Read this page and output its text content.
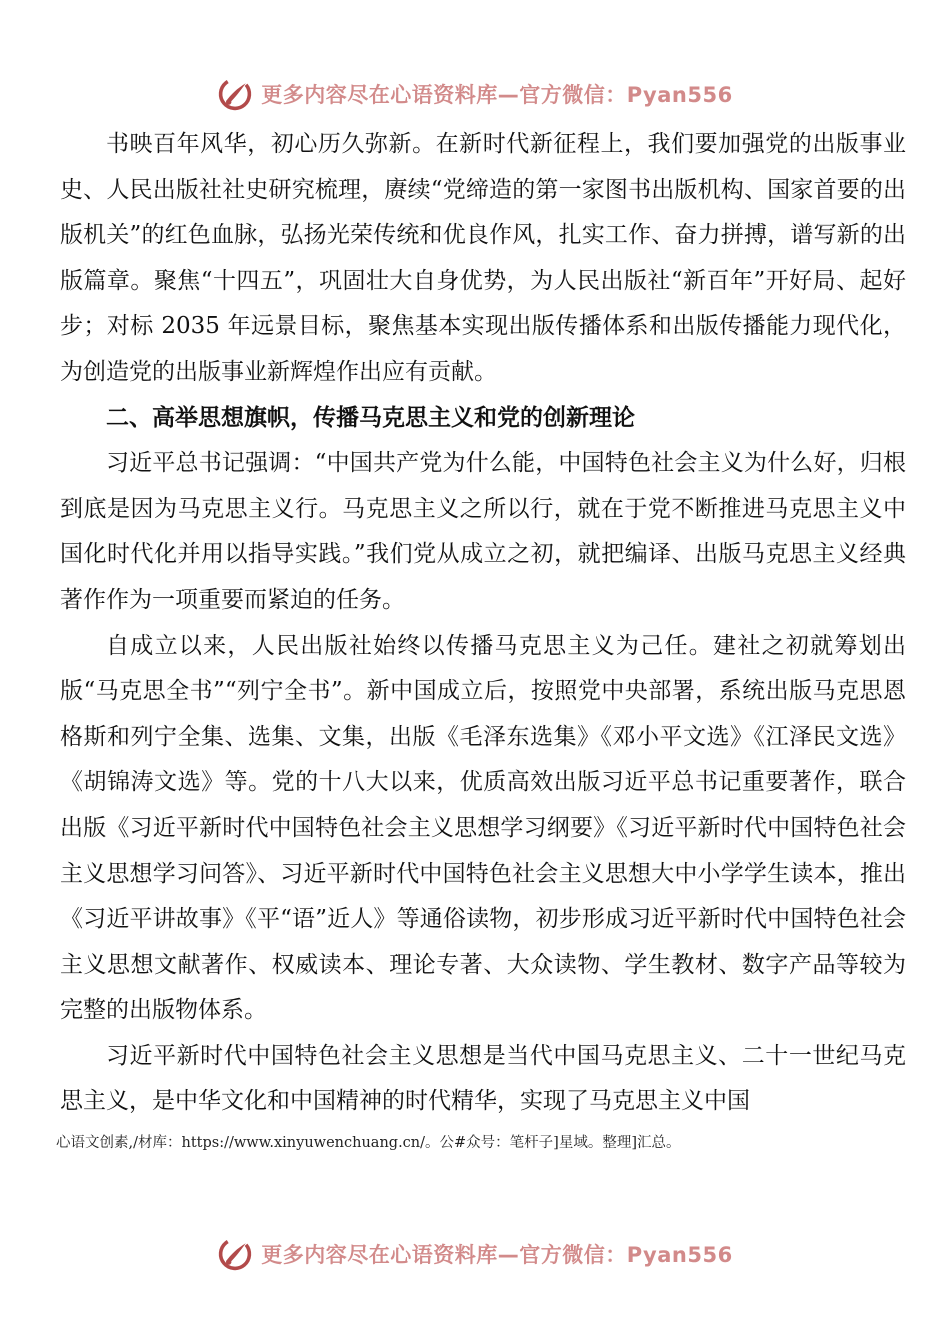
更多内容尽在心语资料库—官方微信：Pyan556

书映百年风华，初心历久弥新。在新时代新征程上，我们要加强党的出版事业史、人民出版社社史研究梳理，赓续“党缔造的第一家图书出版机构、国家首要的出版机关”的红色血脉，弘扬光荣传统和优良作风，扎实工作、奋力拼搏，谱写新的出版篇章。聚焦“十四五”，巩固壮大自身优势，为人民出版社“新百年”开好局、起好步；对标 2035 年远景目标，聚焦基本实现出版传播体系和出版传播能力现代化，为创造党的出版事业新辉煌作出应有贡献。

二、高举思想旗帜，传播马克思主义和党的创新理论

习近平总书记强调：“中国共产党为什么能，中国特色社会主义为什么好，归根到底是因为马克思主义行。马克思主义之所以行，就在于党不断推进马克思主义中国化时代化并用以指导实践。”我们党从成立之初，就把编译、出版马克思主义经典著作作为一项重要而紧迫的任务。

自成立以来，人民出版社始终以传播马克思主义为己任。建社之初就筹划出版“马克思全书”“列宁全书”。新中国成立后，按照党中央部署，系统出版马克思恩格斯和列宁全集、选集、文集，出版《毛泽东选集》《邓小平文选》《江泽民文选》《胡锦涛文选》等。党的十八大以来，优质高效出版习近平总书记重要著作，联合出版《习近平新时代中国特色社会主义思想学习纲要》《习近平新时代中国特色社会主义思想学习问答》、习近平新时代中国特色社会主义思想大中小学学生读本，推出《习近平讲故事》《平“语”近人》等通俗读物，初步形成习近平新时代中国特色社会主义思想文献著作、权威读本、理论专著、大众读物、学生教材、数字产品等较为完整的出版物体系。

习近平新时代中国特色社会主义思想是当代中国马克思主义、二十一世纪马克思主义，是中华文化和中国精神的时代精华，实现了马克思主义中国

心语文创素,/材库：https://www.xinyuwenchuang.cn/。公#众号：笔杆子]星域。整理]汇总。
更多内容尽在心语资料库—官方微信：Pyan556
